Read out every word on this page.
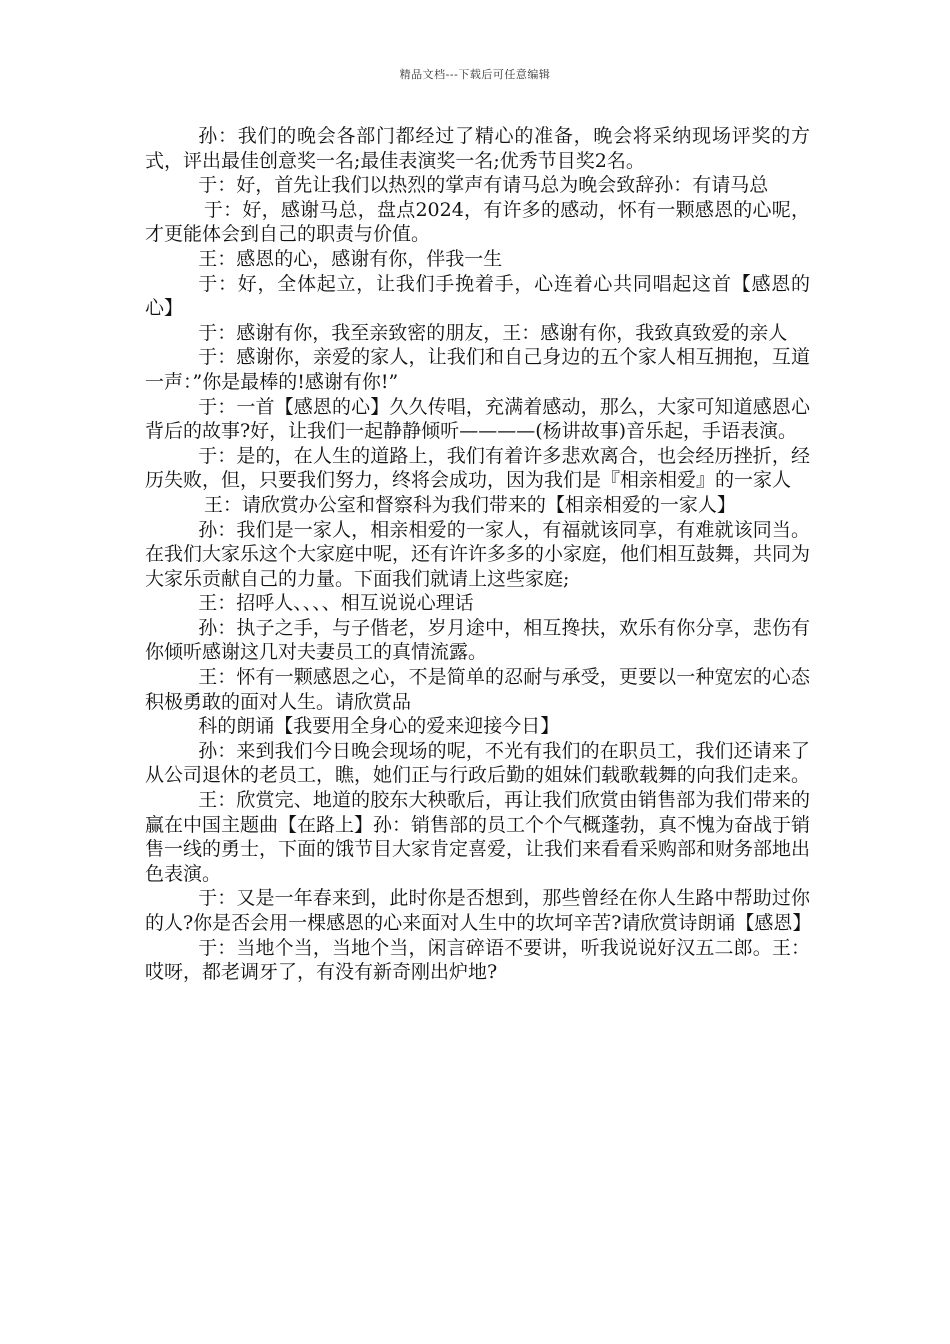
精品文档---下载后可任意编辑

孙：我们的晚会各部门都经过了精心的准备，晚会将采纳现场评奖的方式，评出最佳创意奖一名;最佳表演奖一名;优秀节目奖2名。

于：好，首先让我们以热烈的掌声有请马总为晚会致辞孙：有请马总

于：好，感谢马总，盘点2024，有许多的感动，怀有一颗感恩的心呢，才更能体会到自己的职责与价值。

王：感恩的心，感谢有你，伴我一生

于：好，全体起立，让我们手挽着手，心连着心共同唱起这首【感恩的心】

于：感谢有你，我至亲致密的朋友，王：感谢有你，我致真致爱的亲人

于：感谢你，亲爱的家人，让我们和自己身边的五个家人相互拥抱，互道一声：”你是最棒的!感谢有你!”

于：一首【感恩的心】久久传唱，充满着感动，那么，大家可知道感恩心背后的故事?好，让我们一起静静倾听————(杨讲故事)音乐起，手语表演。

于：是的，在人生的道路上，我们有着许多悲欢离合，也会经历挫折，经历失败，但，只要我们努力，终将会成功，因为我们是『相亲相爱』的一家人

王：请欣赏办公室和督察科为我们带来的【相亲相爱的一家人】

孙：我们是一家人，相亲相爱的一家人，有福就该同享，有难就该同当。在我们大家乐这个大家庭中呢，还有许许多多的小家庭，他们相互鼓舞，共同为大家乐贡献自己的力量。下面我们就请上这些家庭;

王：招呼人、、、、相互说说心理话

孙：执子之手，与子偕老，岁月途中，相互搀扶，欢乐有你分享，悲伤有你倾听感谢这几对夫妻员工的真情流露。

王：怀有一颗感恩之心，不是简单的忍耐与承受，更要以一种宽宏的心态积极勇敢的面对人生。请欣赏品

科的朗诵【我要用全身心的爱来迎接今日】

孙：来到我们今日晚会现场的呢，不光有我们的在职员工，我们还请来了从公司退休的老员工，瞧，她们正与行政后勤的姐妹们载歌载舞的向我们走来。

王：欣赏完、地道的胶东大秧歌后，再让我们欣赏由销售部为我们带来的赢在中国主题曲【在路上】孙：销售部的员工个个气概蓬勃，真不愧为奋战于销售一线的勇士，下面的饿节目大家肯定喜爱，让我们来看看采购部和财务部地出色表演。

于：又是一年春来到，此时你是否想到，那些曾经在你人生路中帮助过你的人?你是否会用一棵感恩的心来面对人生中的坎坷辛苦?请欣赏诗朗诵【感恩】

于：当地个当，当地个当，闲言碎语不要讲，听我说说好汉五二郎。王：哎呀，都老调牙了，有没有新奇刚出炉地?
